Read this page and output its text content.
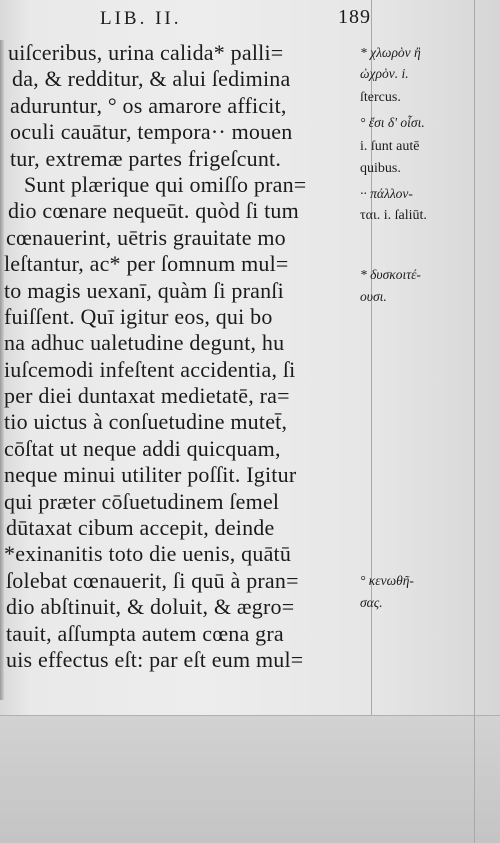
LIB. II.	189
uiſceribus, urina calida* palli=
da, & redditur, & alui ſedimina
aduruntur, ° os amarore afficit,
oculi cauātur, tempora·· mouen
tur, extremæ partes frigeſcunt.
Sunt plærique qui omiſſo pran=
dio cœnare nequeūt. quòd ſi tum
cœnauerint, uētris grauitate mo
leſtantur, ac* per ſomnum mul=
to magis uexanī, quàm ſi pranſi
fuiſſent. Quī igitur eos, qui bo
na adhuc ualetudine degunt, hu
iuſcemodi infeſtent accidentia, ſi
per diei duntaxat medietatē, ra=
tio uictus à conſuetudine mutet̄,
cōſtat ut neque addi quicquam,
neque minui utiliter poſſit. Igitur
qui præter cōſuetudinem ſemel
dūtaxat cibum accepit, deinde
*exinanitis toto die uenis, quātū
ſolebat cœnauerit, ſi quū à pran=
dio abſtinuit, & doluit, & ægro=
tauit, aſſumpta autem cœna gra
uis effectus eſt: par eſt eum mul=
* χλωρὸν ἢ
ὠχρὸν. i.
ſtercus.
° ἔσι δ' οἷσι.
i. ſunt autē
quibus.
·· πάλλον-
ται. i. ſaliūt.
* δυσκοιτέ-
ουσι.
° κενωθῆ-
σας.
